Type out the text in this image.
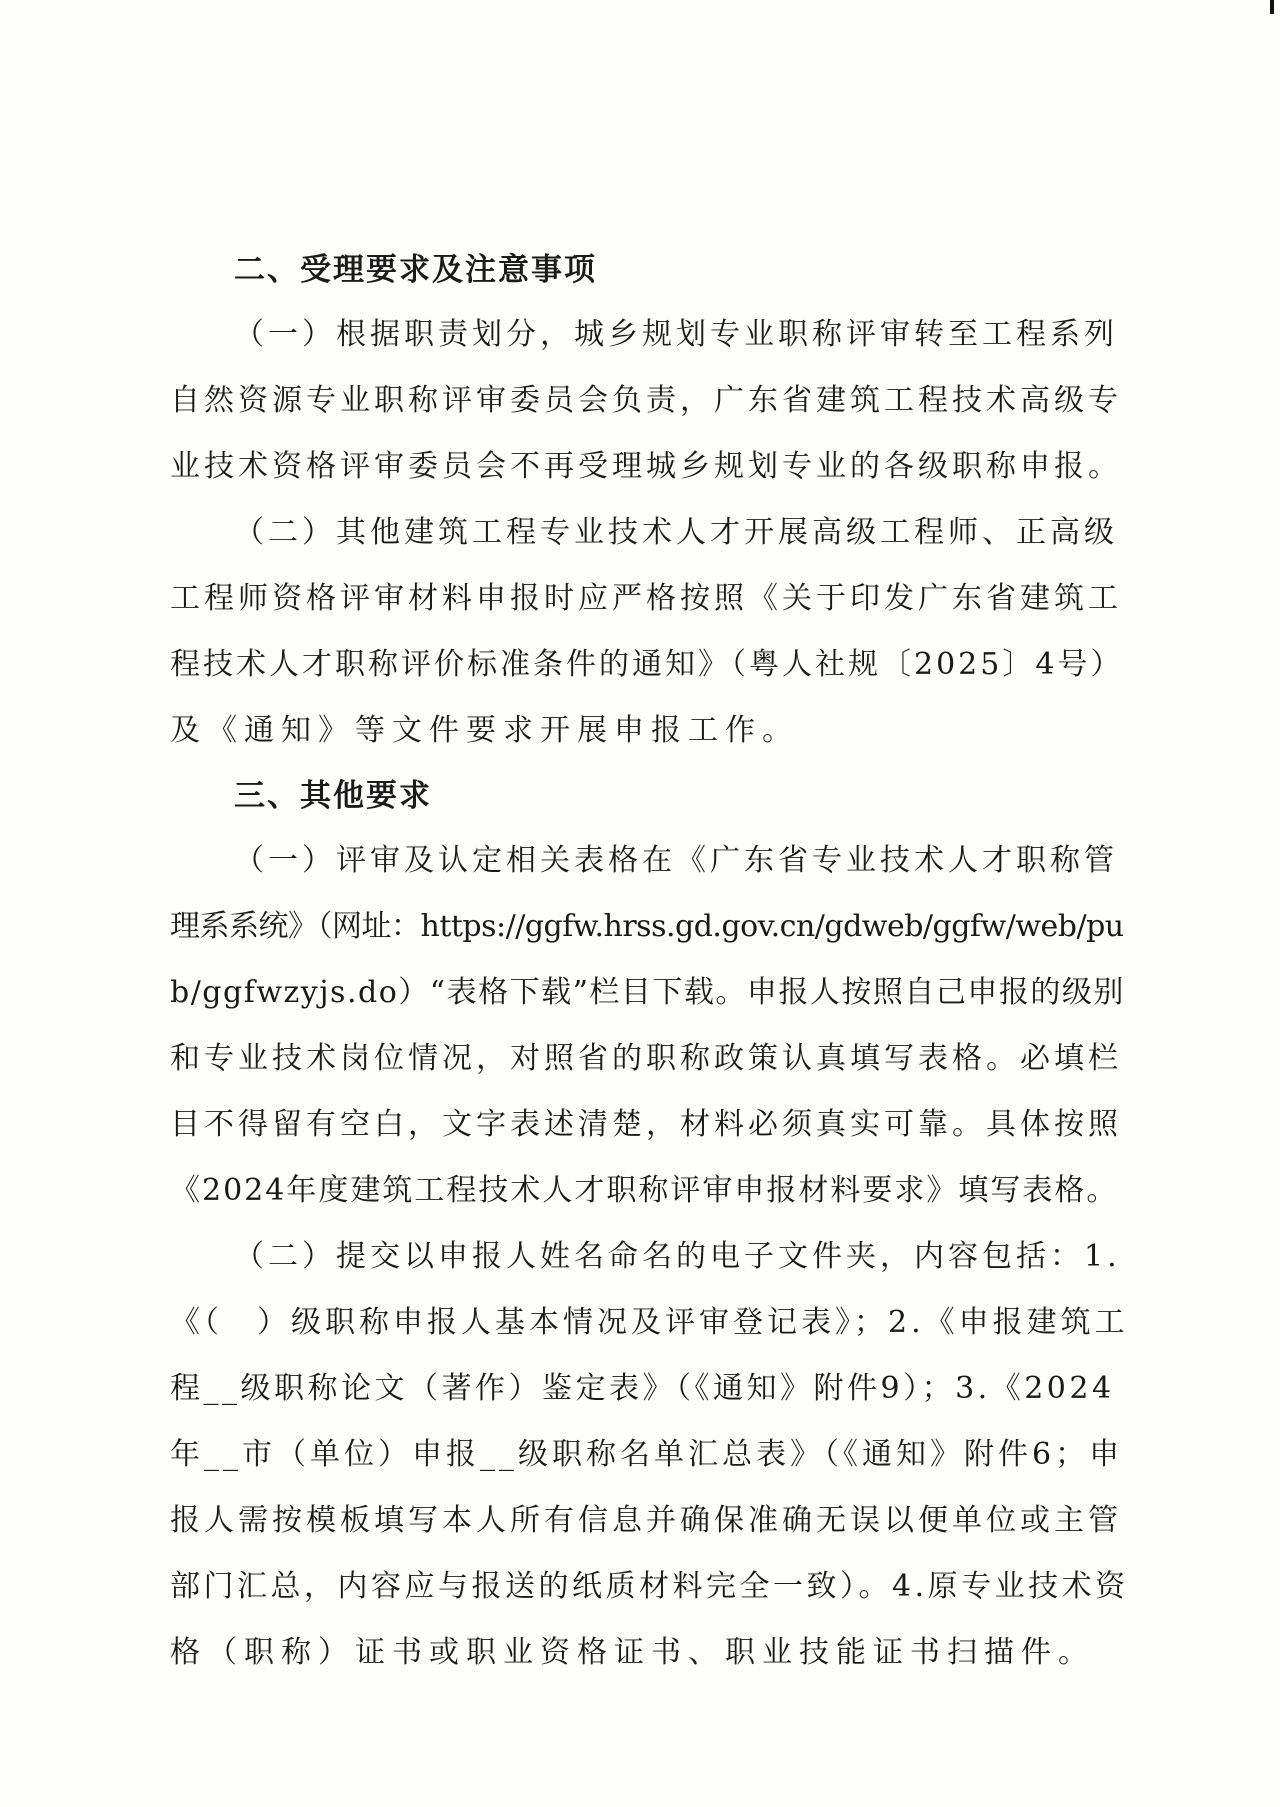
二、受理要求及注意事项
（一）根据职责划分，城乡规划专业职称评审转至工程系列
自然资源专业职称评审委员会负责，广东省建筑工程技术高级专
业技术资格评审委员会不再受理城乡规划专业的各级职称申报。
（二）其他建筑工程专业技术人才开展高级工程师、正高级
工程师资格评审材料申报时应严格按照《关于印发广东省建筑工
程技术人才职称评价标准条件的通知》（粤人社规〔2025〕4号）
及《通知》等文件要求开展申报工作。
三、其他要求
（一）评审及认定相关表格在《广东省专业技术人才职称管
理系系统》（网址：https://ggfw.hrss.gd.gov.cn/gdweb/ggfw/web/pu
b/ggfwzyjs.do）“表格下载”栏目下载。申报人按照自己申报的级别
和专业技术岗位情况，对照省的职称政策认真填写表格。必填栏
目不得留有空白，文字表述清楚，材料必须真实可靠。具体按照
《2024年度建筑工程技术人才职称评审申报材料要求》填写表格。
（二）提交以申报人姓名命名的电子文件夹，内容包括：1.
《（　）级职称申报人基本情况及评审登记表》；2.《申报建筑工
程__级职称论文（著作）鉴定表》（《通知》附件9）；3.《2024
年__市（单位）申报__级职称名单汇总表》（《通知》附件6；申
报人需按模板填写本人所有信息并确保准确无误以便单位或主管
部门汇总，内容应与报送的纸质材料完全一致）。4.原专业技术资
格（职称）证书或职业资格证书、职业技能证书扫描件。
